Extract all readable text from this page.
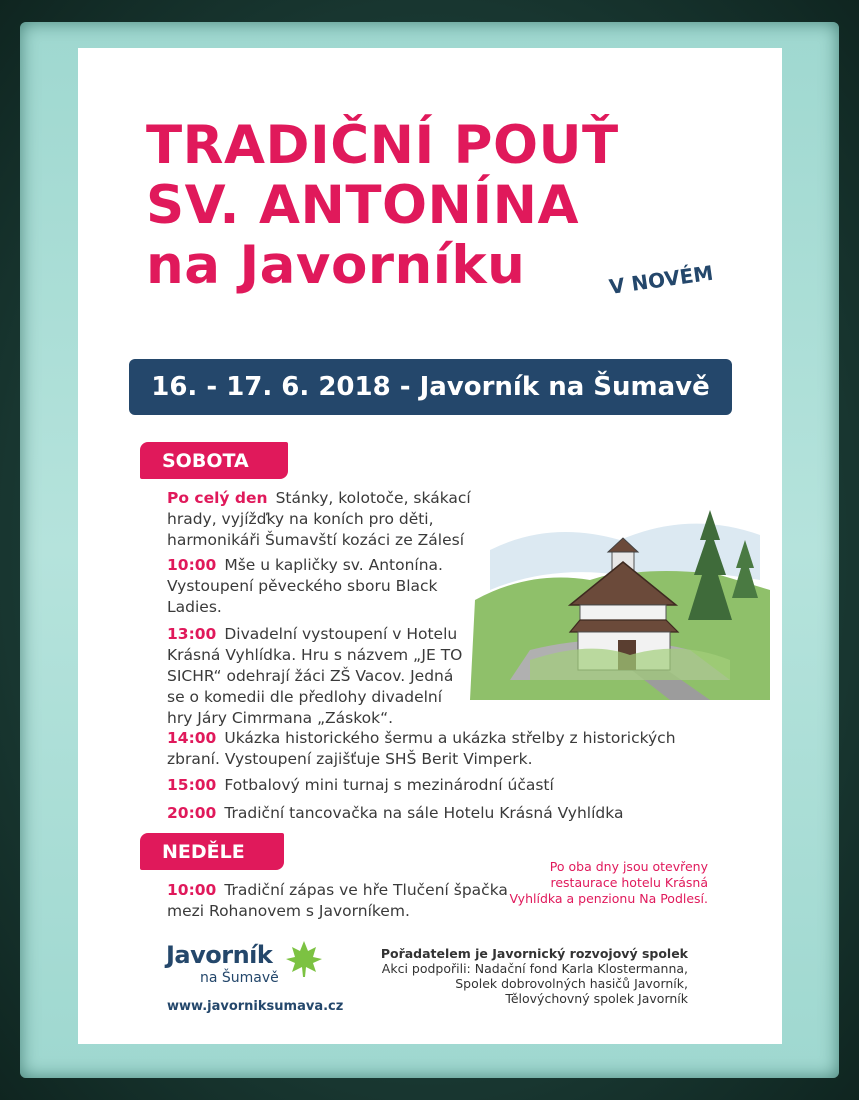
TRADIČNÍ POUŤ
SV. ANTONÍNA
na Javorníku	V NOVÉM
16. - 17. 6. 2018 - Javorník na Šumavě
SOBOTA
Po celý den Stánky, kolotoče, skákací hrady, vyjížďky na koních pro děti, harmonikáři Šumavští kozáci ze Zálesí
10:00 Mše u kapličky sv. Antonína. Vystoupení pěveckého sboru Black Ladies.
13:00 Divadelní vystoupení v Hotelu Krásná Vyhlídka. Hru s názvem „JE TO SICHR“ odehrají žáci ZŠ Vacov. Jedná se o komedii dle předlohy divadelní hry Járy Cimrmana „Záskok“.
14:00 Ukázka historického šermu a ukázka střelby z historických zbraní. Vystoupení zajišťuje SHŠ Berit Vimperk.
15:00 Fotbalový mini turnaj s mezinárodní účastí
20:00 Tradiční tancovačka na sále Hotelu Krásná Vyhlídka
NEDĚLE
10:00 Tradiční zápas ve hře Tlučení špačka mezi Rohanovem s Javorníkem.
Po oba dny jsou otevřeny restaurace hotelu Krásná Vyhlídka a penzionu Na Podlesí.
Javorník
na Šumavě
www.javorniksumava.cz
Pořadatelem je Javornický rozvojový spolek
Akci podpořili: Nadační fond Karla Klostermanna,
Spolek dobrovolných hasičů Javorník,
Tělovýchovný spolek Javorník
